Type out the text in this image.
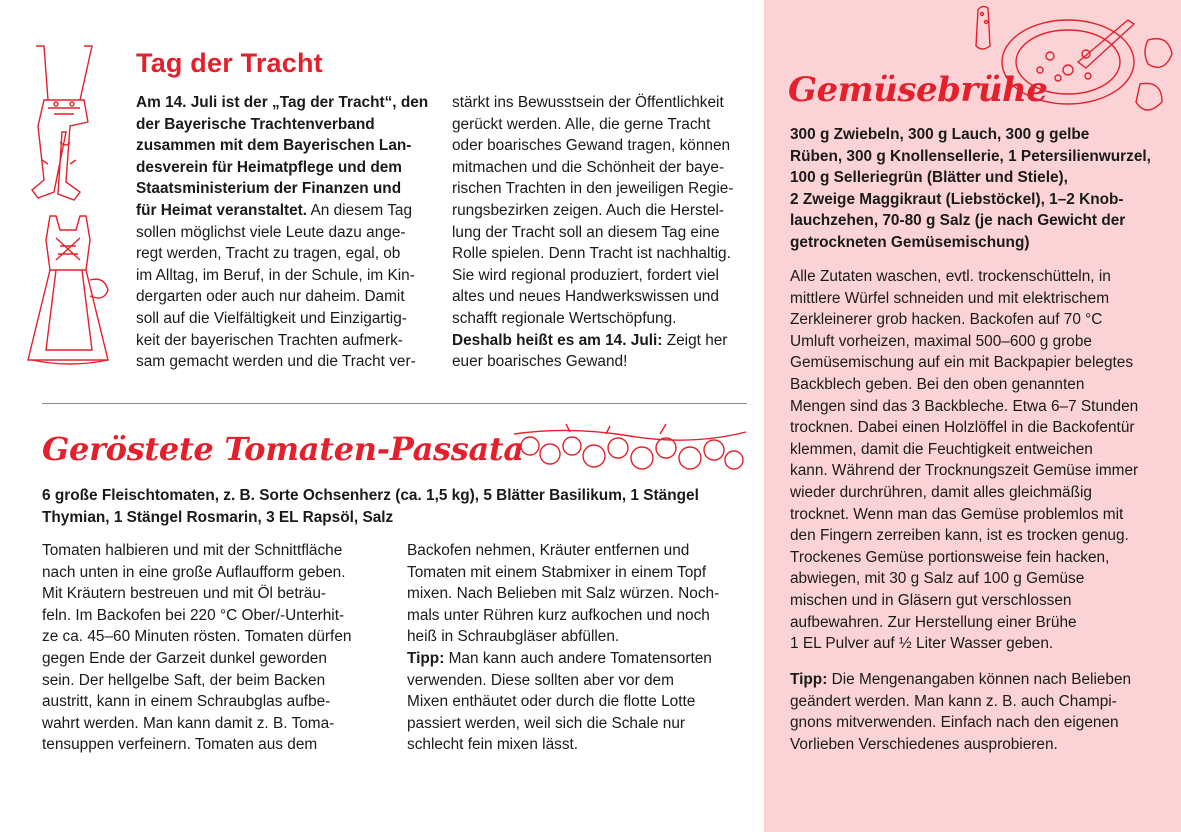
Tag der Tracht
Am 14. Juli ist der „Tag der Tracht“, den
der Bayerische Trachtenverband
zusammen mit dem Bayerischen Lan-
desverein für Heimatpflege und dem
Staatsministerium der Finanzen und
für Heimat veranstaltet. An diesem Tag
sollen möglichst viele Leute dazu ange-
regt werden, Tracht zu tragen, egal, ob
im Alltag, im Beruf, in der Schule, im Kin-
dergarten oder auch nur daheim. Damit
soll auf die Vielfältigkeit und Einzigartig-
keit der bayerischen Trachten aufmerk-
sam gemacht werden und die Tracht ver-
stärkt ins Bewusstsein der Öffentlichkeit
gerückt werden. Alle, die gerne Tracht
oder boarisches Gewand tragen, können
mitmachen und die Schönheit der baye-
rischen Trachten in den jeweiligen Regie-
rungsbezirken zeigen. Auch die Herstel-
lung der Tracht soll an diesem Tag eine
Rolle spielen. Denn Tracht ist nachhaltig.
Sie wird regional produziert, fordert viel
altes und neues Handwerkswissen und
schafft regionale Wertschöpfung.
Deshalb heißt es am 14. Juli: Zeigt her
euer boarisches Gewand!
Geröstete Tomaten-Passata
6 große Fleischtomaten, z. B. Sorte Ochsenherz (ca. 1,5 kg), 5 Blätter Basilikum, 1 Stängel
Thymian, 1 Stängel Rosmarin, 3 EL Rapsöl, Salz
Tomaten halbieren und mit der Schnittfläche
nach unten in eine große Auflaufform geben.
Mit Kräutern bestreuen und mit Öl beträu-
feln. Im Backofen bei 220 °C Ober/-Unterhit-
ze ca. 45–60 Minuten rösten. Tomaten dürfen
gegen Ende der Garzeit dunkel geworden
sein. Der hellgelbe Saft, der beim Backen
austritt, kann in einem Schraubglas aufbe-
wahrt werden. Man kann damit z. B. Toma-
tensuppen verfeinern. Tomaten aus dem
Backofen nehmen, Kräuter entfernen und
Tomaten mit einem Stabmixer in einem Topf
mixen. Nach Belieben mit Salz würzen. Noch-
mals unter Rühren kurz aufkochen und noch
heiß in Schraubgläser abfüllen.
Tipp: Man kann auch andere Tomatensorten
verwenden. Diese sollten aber vor dem
Mixen enthäutet oder durch die flotte Lotte
passiert werden, weil sich die Schale nur
schlecht fein mixen lässt.
Gemüsebrühe
300 g Zwiebeln, 300 g Lauch, 300 g gelbe
Rüben, 300 g Knollensellerie, 1 Petersilienwurzel,
100 g Selleriegrün (Blätter und Stiele),
2 Zweige Maggikraut (Liebstöckel), 1–2 Knob-
lauchzehen, 70-80 g Salz (je nach Gewicht der
getrockneten Gemüsemischung)
Alle Zutaten waschen, evtl. trockenschütteln, in
mittlere Würfel schneiden und mit elektrischem
Zerkleinerer grob hacken. Backofen auf 70 °C
Umluft vorheizen, maximal 500–600 g grobe
Gemüsemischung auf ein mit Backpapier belegtes
Backblech geben. Bei den oben genannten
Mengen sind das 3 Backbleche. Etwa 6–7 Stunden
trocknen. Dabei einen Holzlöffel in die Backofentür
klemmen, damit die Feuchtigkeit entweichen
kann. Während der Trocknungszeit Gemüse immer
wieder durchrühren, damit alles gleichmäßig
trocknet. Wenn man das Gemüse problemlos mit
den Fingern zerreiben kann, ist es trocken genug.
Trockenes Gemüse portionsweise fein hacken,
abwiegen, mit 30 g Salz auf 100 g Gemüse
mischen und in Gläsern gut verschlossen
aufbewahren. Zur Herstellung einer Brühe
1 EL Pulver auf ½ Liter Wasser geben.
Tipp: Die Mengenangaben können nach Belieben
geändert werden. Man kann z. B. auch Champi-
gnons mitverwenden. Einfach nach den eigenen
Vorlieben Verschiedenes ausprobieren.
